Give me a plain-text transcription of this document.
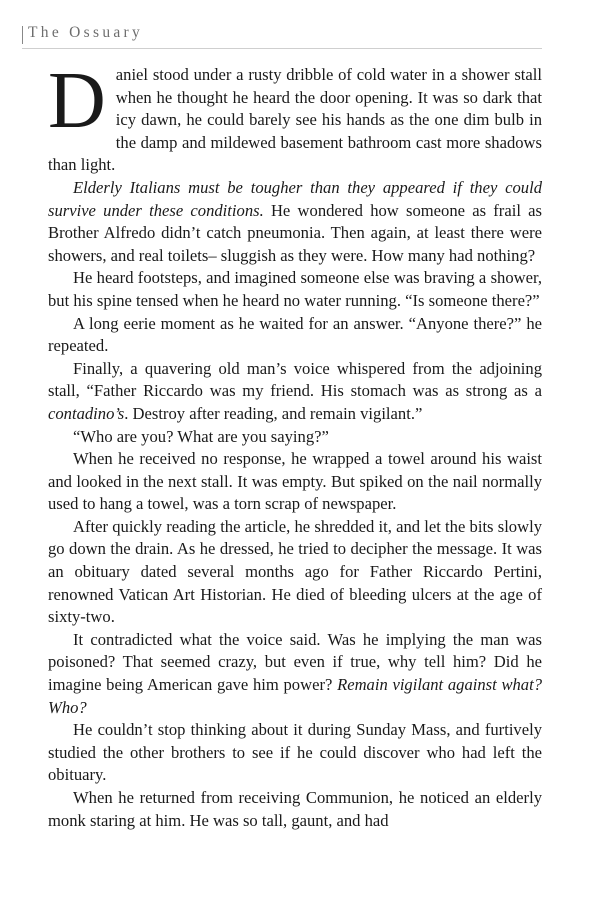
The Ossuary

Daniel stood under a rusty dribble of cold water in a shower stall when he thought he heard the door opening. It was so dark that icy dawn, he could barely see his hands as the one dim bulb in the damp and mildewed basement bathroom cast more shadows than light.

Elderly Italians must be tougher than they appeared if they could survive under these conditions. He wondered how someone as frail as Brother Alfredo didn’t catch pneumonia. Then again, at least there were showers, and real toilets– sluggish as they were. How many had nothing?

He heard footsteps, and imagined someone else was braving a shower, but his spine tensed when he heard no water running. “Is someone there?”

A long eerie moment as he waited for an answer. “Anyone there?” he repeated.

Finally, a quavering old man’s voice whispered from the adjoining stall, “Father Riccardo was my friend. His stomach was as strong as a contadino’s. Destroy after reading, and remain vigilant.”

“Who are you? What are you saying?”

When he received no response, he wrapped a towel around his waist and looked in the next stall. It was empty. But spiked on the nail normally used to hang a towel, was a torn scrap of newspaper.

After quickly reading the article, he shredded it, and let the bits slowly go down the drain. As he dressed, he tried to decipher the message. It was an obituary dated several months ago for Father Riccardo Pertini, renowned Vatican Art Historian. He died of bleeding ulcers at the age of sixty-two.

It contradicted what the voice said. Was he implying the man was poisoned? That seemed crazy, but even if true, why tell him? Did he imagine being American gave him power? Remain vigilant against what? Who?

He couldn’t stop thinking about it during Sunday Mass, and furtively studied the other brothers to see if he could discover who had left the obituary.

When he returned from receiving Communion, he noticed an elderly monk staring at him. He was so tall, gaunt, and had
